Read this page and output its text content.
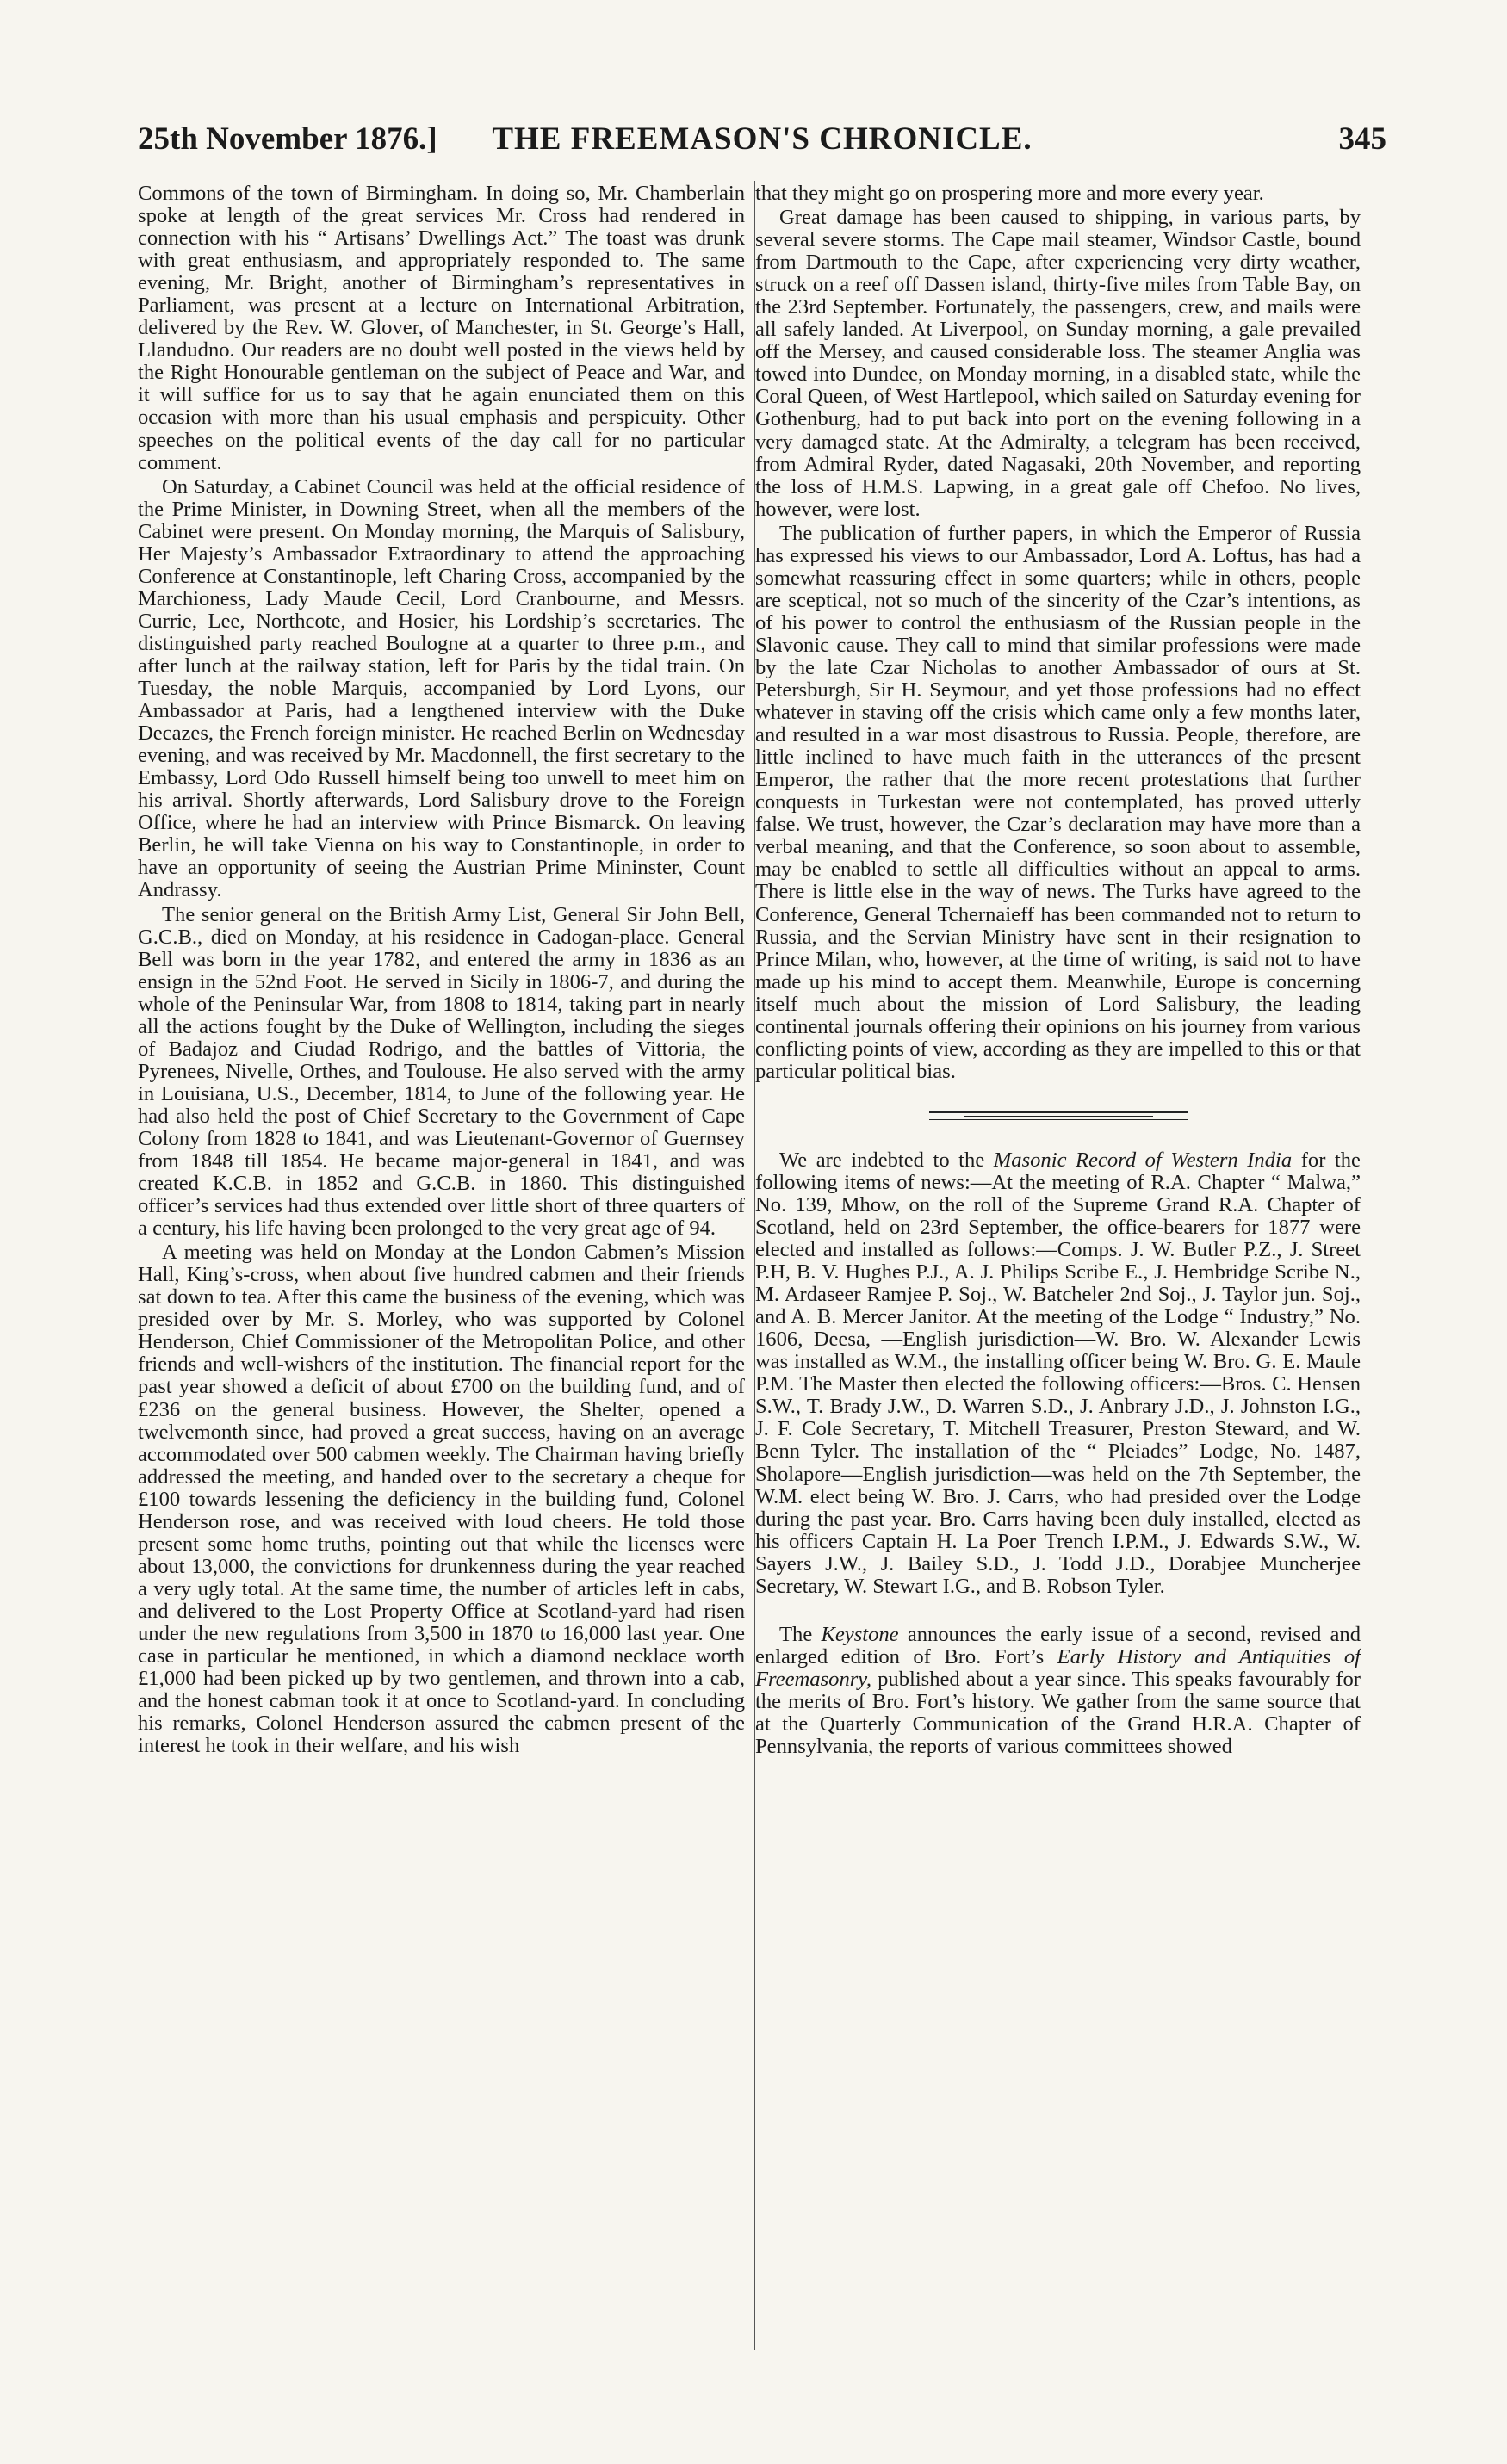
25th November 1876.]	THE FREEMASON'S CHRONICLE.	345

Commons of the town of Birmingham. In doing so, Mr. Chamberlain spoke at length of the great services Mr. Cross had rendered in connection with his “ Artisans’ Dwellings Act.” The toast was drunk with great enthusiasm, and appropriately responded to. The same evening, Mr. Bright, another of Birmingham’s representatives in Parliament, was present at a lecture on International Arbitration, delivered by the Rev. W. Glover, of Manchester, in St. George’s Hall, Llandudno. Our readers are no doubt well posted in the views held by the Right Honourable gentleman on the subject of Peace and War, and it will suffice for us to say that he again enunciated them on this occasion with more than his usual emphasis and perspicuity. Other speeches on the political events of the day call for no particular comment.

On Saturday, a Cabinet Council was held at the official residence of the Prime Minister, in Downing Street, when all the members of the Cabinet were present. On Monday morning, the Marquis of Salisbury, Her Majesty’s Ambassador Extraordinary to attend the approaching Conference at Constantinople, left Charing Cross, accompanied by the Marchioness, Lady Maude Cecil, Lord Cranbourne, and Messrs. Currie, Lee, Northcote, and Hosier, his Lordship’s secretaries. The distinguished party reached Boulogne at a quarter to three p.m., and after lunch at the railway station, left for Paris by the tidal train. On Tuesday, the noble Marquis, accompanied by Lord Lyons, our Ambassador at Paris, had a lengthened interview with the Duke Decazes, the French foreign minister. He reached Berlin on Wednesday evening, and was received by Mr. Macdonnell, the first secretary to the Embassy, Lord Odo Russell himself being too unwell to meet him on his arrival. Shortly afterwards, Lord Salisbury drove to the Foreign Office, where he had an interview with Prince Bismarck. On leaving Berlin, he will take Vienna on his way to Constantinople, in order to have an opportunity of seeing the Austrian Prime Mininster, Count Andrassy.

The senior general on the British Army List, General Sir John Bell, G.C.B., died on Monday, at his residence in Cadogan-place. General Bell was born in the year 1782, and entered the army in 1836 as an ensign in the 52nd Foot. He served in Sicily in 1806-7, and during the whole of the Peninsular War, from 1808 to 1814, taking part in nearly all the actions fought by the Duke of Wellington, including the sieges of Badajoz and Ciudad Rodrigo, and the battles of Vittoria, the Pyrenees, Nivelle, Orthes, and Toulouse. He also served with the army in Louisiana, U.S., December, 1814, to June of the following year. He had also held the post of Chief Secretary to the Government of Cape Colony from 1828 to 1841, and was Lieutenant-Governor of Guernsey from 1848 till 1854. He became major-general in 1841, and was created K.C.B. in 1852 and G.C.B. in 1860. This distinguished officer’s services had thus extended over little short of three quarters of a century, his life having been prolonged to the very great age of 94.

A meeting was held on Monday at the London Cabmen’s Mission Hall, King’s-cross, when about five hundred cabmen and their friends sat down to tea. After this came the business of the evening, which was presided over by Mr. S. Morley, who was supported by Colonel Henderson, Chief Commissioner of the Metropolitan Police, and other friends and well-wishers of the institution. The financial report for the past year showed a deficit of about £700 on the building fund, and of £236 on the general business. However, the Shelter, opened a twelvemonth since, had proved a great success, having on an average accommodated over 500 cabmen weekly. The Chairman having briefly addressed the meeting, and handed over to the secretary a cheque for £100 towards lessening the deficiency in the building fund, Colonel Henderson rose, and was received with loud cheers. He told those present some home truths, pointing out that while the licenses were about 13,000, the convictions for drunkenness during the year reached a very ugly total. At the same time, the number of articles left in cabs, and delivered to the Lost Property Office at Scotland-yard had risen under the new regulations from 3,500 in 1870 to 16,000 last year. One case in particular he mentioned, in which a diamond necklace worth £1,000 had been picked up by two gentlemen, and thrown into a cab, and the honest cabman took it at once to Scotland-yard. In concluding his remarks, Colonel Henderson assured the cabmen present of the interest he took in their welfare, and his wish

that they might go on prospering more and more every year.

Great damage has been caused to shipping, in various parts, by several severe storms. The Cape mail steamer, Windsor Castle, bound from Dartmouth to the Cape, after experiencing very dirty weather, struck on a reef off Dassen island, thirty-five miles from Table Bay, on the 23rd September. Fortunately, the passengers, crew, and mails were all safely landed. At Liverpool, on Sunday morning, a gale prevailed off the Mersey, and caused considerable loss. The steamer Anglia was towed into Dundee, on Monday morning, in a disabled state, while the Coral Queen, of West Hartlepool, which sailed on Saturday evening for Gothenburg, had to put back into port on the evening following in a very damaged state. At the Admiralty, a telegram has been received, from Admiral Ryder, dated Nagasaki, 20th November, and reporting the loss of H.M.S. Lapwing, in a great gale off Chefoo. No lives, however, were lost.

The publication of further papers, in which the Emperor of Russia has expressed his views to our Ambassador, Lord A. Loftus, has had a somewhat reassuring effect in some quarters; while in others, people are sceptical, not so much of the sincerity of the Czar’s intentions, as of his power to control the enthusiasm of the Russian people in the Slavonic cause. They call to mind that similar professions were made by the late Czar Nicholas to another Ambassador of ours at St. Petersburgh, Sir H. Seymour, and yet those professions had no effect whatever in staving off the crisis which came only a few months later, and resulted in a war most disastrous to Russia. People, therefore, are little inclined to have much faith in the utterances of the present Emperor, the rather that the more recent protestations that further conquests in Turkestan were not contemplated, has proved utterly false. We trust, however, the Czar’s declaration may have more than a verbal meaning, and that the Conference, so soon about to assemble, may be enabled to settle all difficulties without an appeal to arms. There is little else in the way of news. The Turks have agreed to the Conference, General Tchernaieff has been commanded not to return to Russia, and the Servian Ministry have sent in their resignation to Prince Milan, who, however, at the time of writing, is said not to have made up his mind to accept them. Meanwhile, Europe is concerning itself much about the mission of Lord Salisbury, the leading continental journals offering their opinions on his journey from various conflicting points of view, according as they are impelled to this or that particular political bias.

We are indebted to the Masonic Record of Western India for the following items of news:—At the meeting of R.A. Chapter “ Malwa,” No. 139, Mhow, on the roll of the Supreme Grand R.A. Chapter of Scotland, held on 23rd September, the office-bearers for 1877 were elected and installed as follows:—Comps. J. W. Butler P.Z., J. Street P.H, B. V. Hughes P.J., A. J. Philips Scribe E., J. Hembridge Scribe N., M. Ardaseer Ramjee P. Soj., W. Batcheler 2nd Soj., J. Taylor jun. Soj., and A. B. Mercer Janitor. At the meeting of the Lodge “ Industry,” No. 1606, Deesa, —English jurisdiction—W. Bro. W. Alexander Lewis was installed as W.M., the installing officer being W. Bro. G. E. Maule P.M. The Master then elected the following officers:—Bros. C. Hensen S.W., T. Brady J.W., D. Warren S.D., J. Anbrary J.D., J. Johnston I.G., J. F. Cole Secretary, T. Mitchell Treasurer, Preston Steward, and W. Benn Tyler. The installation of the “ Pleiades” Lodge, No. 1487, Sholapore—English jurisdiction—was held on the 7th September, the W.M. elect being W. Bro. J. Carrs, who had presided over the Lodge during the past year. Bro. Carrs having been duly installed, elected as his officers Captain H. La Poer Trench I.P.M., J. Edwards S.W., W. Sayers J.W., J. Bailey S.D., J. Todd J.D., Dorabjee Muncherjee Secretary, W. Stewart I.G., and B. Robson Tyler.

The Keystone announces the early issue of a second, revised and enlarged edition of Bro. Fort’s Early History and Antiquities of Freemasonry, published about a year since. This speaks favourably for the merits of Bro. Fort’s history. We gather from the same source that at the Quarterly Communication of the Grand H.R.A. Chapter of Pennsylvania, the reports of various committees showed
